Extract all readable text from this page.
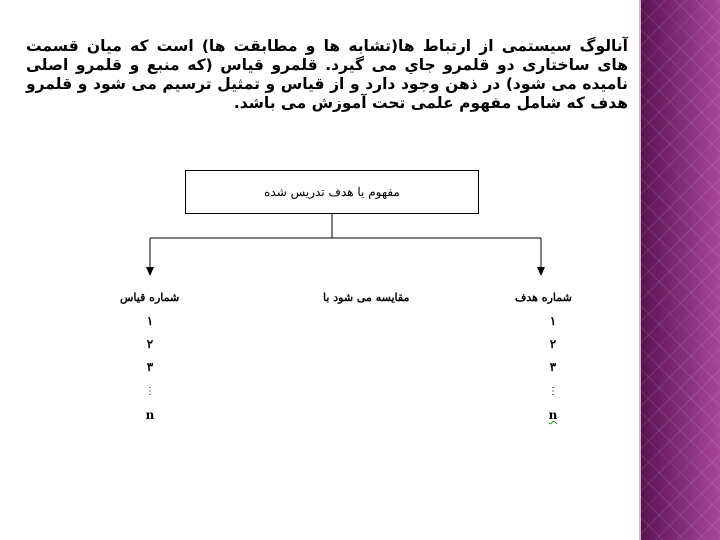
آنالوگ سیستمی از ارتباط ها(تشابه ها و مطابقت ها) است که میان قسمت های ساختاری دو قلمرو جاي می گیرد. قلمرو قیاس (که منبع و قلمرو اصلی نامیده می شود) در ذهن وجود دارد و از قیاس و تمثیل ترسیم می شود و قلمرو هدف که شامل مفهوم علمی تحت آموزش می باشد.
مفهوم یا هدف تدریس شده
شماره قیاس	مقایسه می شود با	شماره هدف
۱
۲
۳
⋮
n
۱
۲
۳
⋮
n
